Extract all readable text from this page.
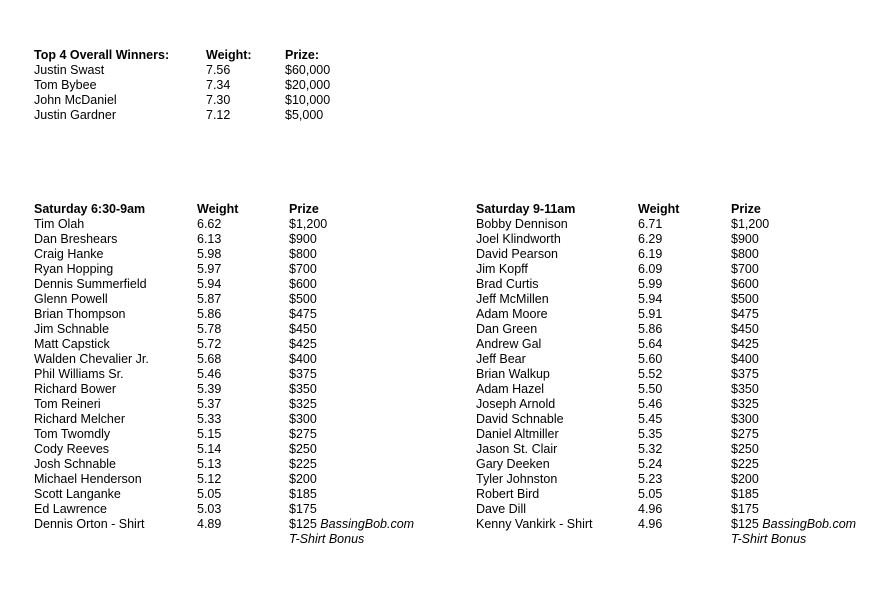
Top 4 Overall Winners:	Weight:	Prize:
Justin Swast	7.56	$60,000
Tom Bybee	7.34	$20,000
John McDaniel	7.30	$10,000
Justin Gardner	7.12	$5,000
Saturday 6:30-9am	Weight	Prize
Tim Olah	6.62	$1,200
Dan Breshears	6.13	$900
Craig Hanke	5.98	$800
Ryan Hopping	5.97	$700
Dennis Summerfield	5.94	$600
Glenn Powell	5.87	$500
Brian Thompson	5.86	$475
Jim Schnable	5.78	$450
Matt Capstick	5.72	$425
Walden Chevalier Jr.	5.68	$400
Phil Williams Sr.	5.46	$375
Richard Bower	5.39	$350
Tom Reineri	5.37	$325
Richard Melcher	5.33	$300
Tom Twomdly	5.15	$275
Cody Reeves	5.14	$250
Josh Schnable	5.13	$225
Michael Henderson	5.12	$200
Scott Langanke	5.05	$185
Ed Lawrence	5.03	$175
Dennis Orton - Shirt	4.89	$125 BassingBob.com
T-Shirt Bonus
Saturday 9-11am	Weight	Prize
Bobby Dennison	6.71	$1,200
Joel Klindworth	6.29	$900
David Pearson	6.19	$800
Jim Kopff	6.09	$700
Brad Curtis	5.99	$600
Jeff McMillen	5.94	$500
Adam Moore	5.91	$475
Dan Green	5.86	$450
Andrew Gal	5.64	$425
Jeff Bear	5.60	$400
Brian Walkup	5.52	$375
Adam Hazel	5.50	$350
Joseph Arnold	5.46	$325
David Schnable	5.45	$300
Daniel Altmiller	5.35	$275
Jason St. Clair	5.32	$250
Gary Deeken	5.24	$225
Tyler Johnston	5.23	$200
Robert Bird	5.05	$185
Dave Dill	4.96	$175
Kenny Vankirk - Shirt	4.96	$125 BassingBob.com
T-Shirt Bonus
